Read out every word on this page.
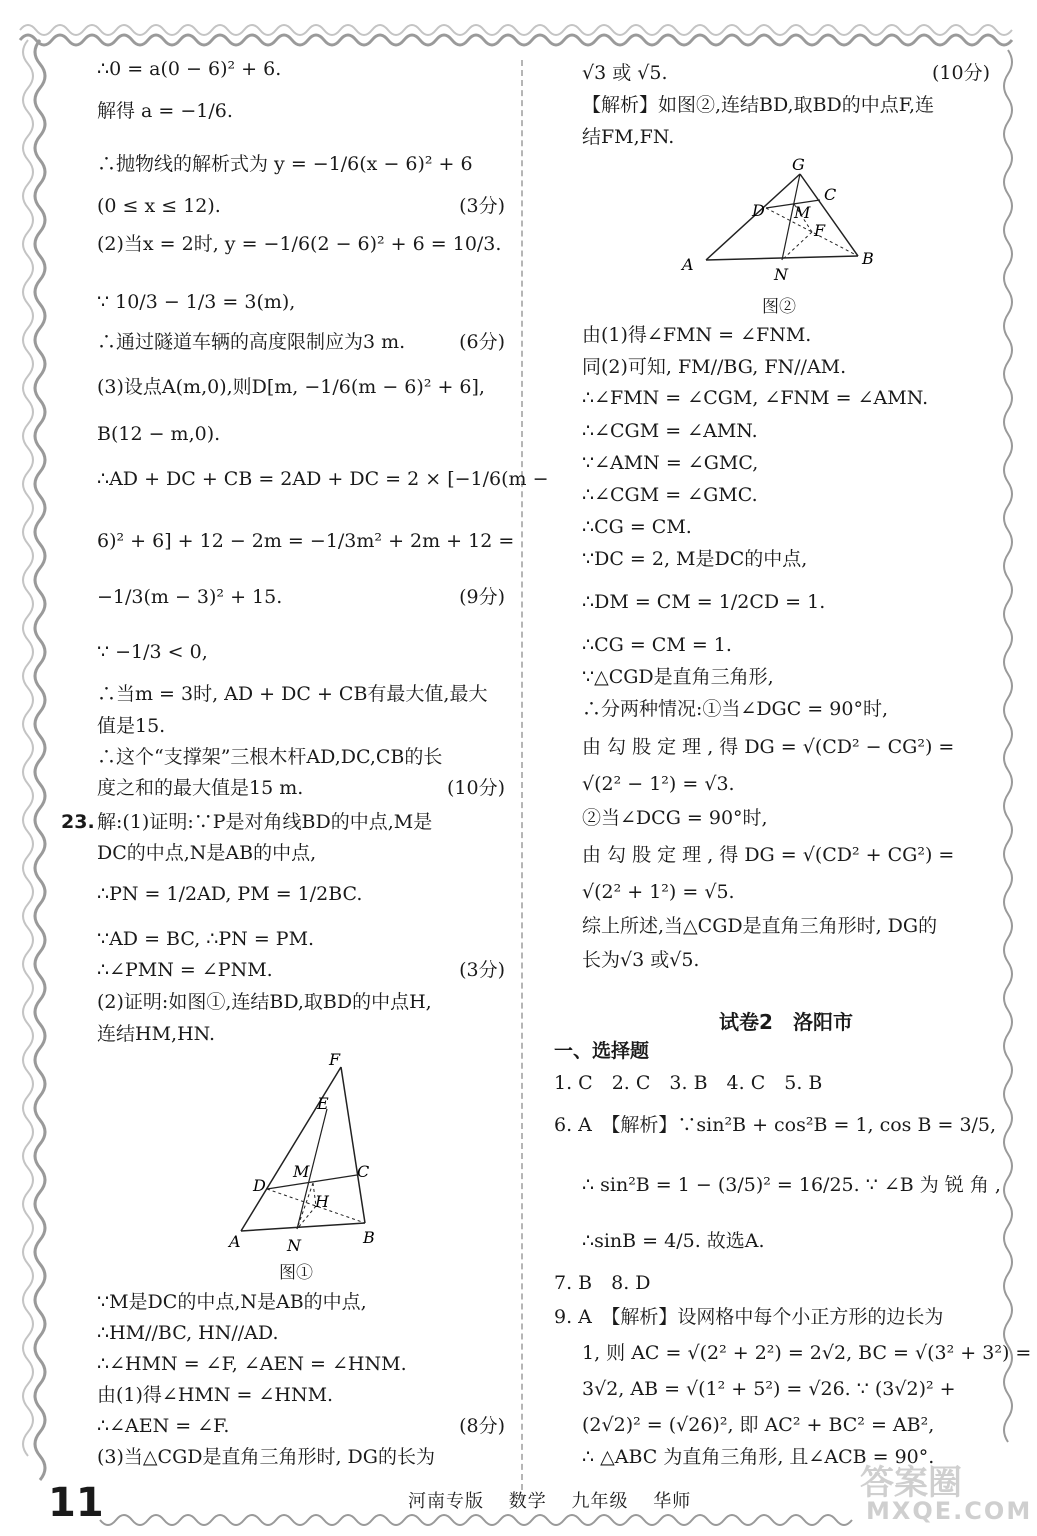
∴0 = a(0 − 6)² + 6.
解得 a = −1/6.
∴抛物线的解析式为 y = −1/6(x − 6)² + 6
(0 ≤ x ≤ 12).	(3分)
(2)当x = 2时, y = −1/6(2 − 6)² + 6 = 10/3.
∵ 10/3 − 1/3 = 3(m),
∴通过隧道车辆的高度限制应为3 m.	(6分)
(3)设点A(m,0),则D[m, −1/6(m − 6)² + 6],
B(12 − m,0).
∴AD + DC + CB = 2AD + DC = 2 × [−1/6(m −
6)² + 6] + 12 − 2m = −1/3m² + 2m + 12 =
−1/3(m − 3)² + 15.	(9分)
∵ −1/3 < 0,
∴当m = 3时, AD + DC + CB有最大值,最大
值是15.
∴这个“支撑架”三根木杆AD,DC,CB的长
度之和的最大值是15 m.	(10分)
23. 解:(1)证明:∵P是对角线BD的中点,M是
DC的中点,N是AB的中点,
∴PN = 1/2AD, PM = 1/2BC.
∵AD = BC, ∴PN = PM.
∴∠PMN = ∠PNM.	(3分)
(2)证明:如图①,连结BD,取BD的中点H,
连结HM,HN.
F
E
D
M	C
H
A	N	B
图①
∵M是DC的中点,N是AB的中点,
∴HM//BC, HN//AD.
∴∠HMN = ∠F, ∠AEN = ∠HNM.
由(1)得∠HMN = ∠HNM.
∴∠AEN = ∠F.	(8分)
(3)当△CGD是直角三角形时, DG的长为
√3 或 √5.	(10分)
【解析】如图②,连结BD,取BD的中点F,连
结FM,FN.
G
C
D M
F
A
N
B
图②
由(1)得∠FMN = ∠FNM.
同(2)可知, FM//BG, FN//AM.
∴∠FMN = ∠CGM, ∠FNM = ∠AMN.
∴∠CGM = ∠AMN.
∵∠AMN = ∠GMC,
∴∠CGM = ∠GMC.
∴CG = CM.
∵DC = 2, M是DC的中点,
∴DM = CM = 1/2CD = 1.
∴CG = CM = 1.
∵△CGD是直角三角形,
∴分两种情况:①当∠DGC = 90°时,
由 勾 股 定 理 , 得 DG = √(CD² − CG²) =
√(2² − 1²) = √3.
②当∠DCG = 90°时,
由 勾 股 定 理 , 得 DG = √(CD² + CG²) =
√(2² + 1²) = √5.
综上所述,当△CGD是直角三角形时, DG的
长为√3 或√5.
试卷2　洛阳市
一、选择题
1. C　2. C　3. B　4. C　5. B
6. A　【解析】∵sin²B + cos²B = 1, cos B = 3/5,
∴ sin²B = 1 − (3/5)² = 16/25. ∵ ∠B 为 锐 角 ,
∴sinB = 4/5. 故选A.
7. B　8. D
9. A　【解析】设网格中每个小正方形的边长为
1, 则 AC = √(2² + 2²) = 2√2, BC = √(3² + 3²) =
3√2, AB = √(1² + 5²) = √26. ∵ (3√2)² +
(2√2)² = (√26)², 即 AC² + BC² = AB²,
∴ △ABC 为直角三角形, 且∠ACB = 90°.
11	河南专版 数学 九年级 华师	答案圈
MXQE.COM
